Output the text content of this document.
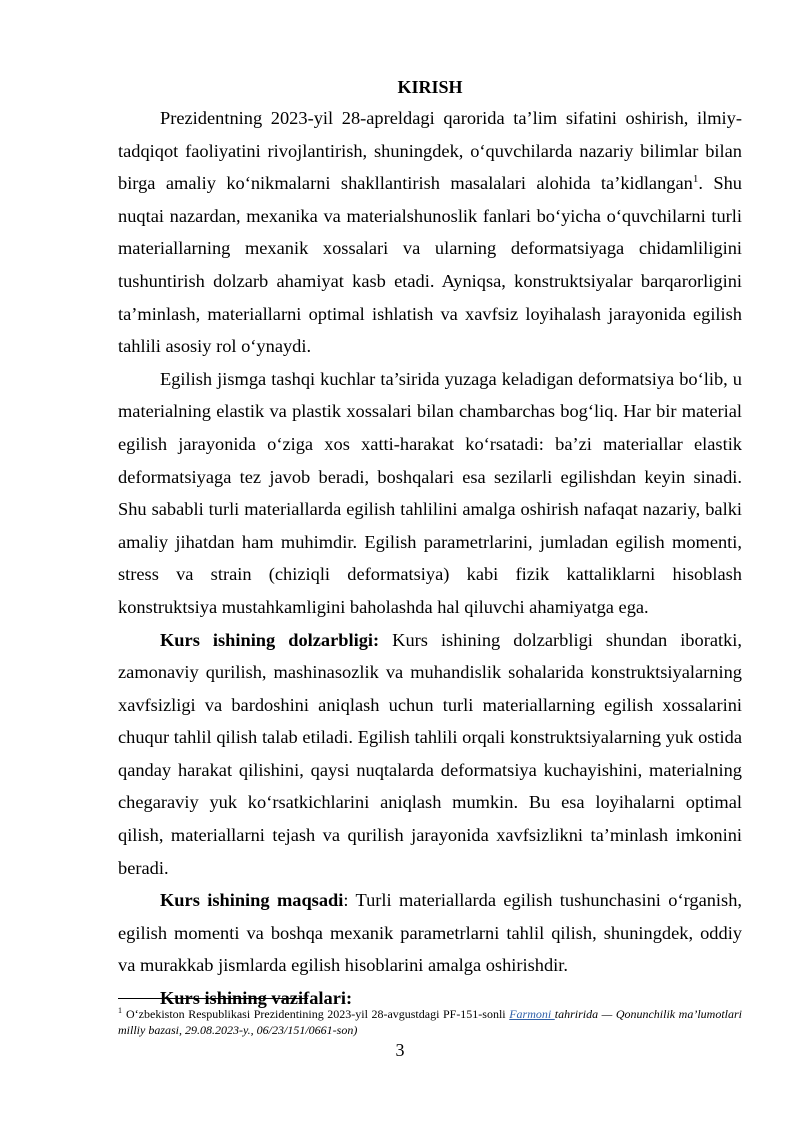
KIRISH

Prezidentning 2023-yil 28-apreldagi qarorida ta’lim sifatini oshirish, ilmiy-tadqiqot faoliyatini rivojlantirish, shuningdek, o‘quvchilarda nazariy bilimlar bilan birga amaliy ko‘nikmalarni shakllantirish masalalari alohida ta’kidlangan$^1$. Shu nuqtai nazardan, mexanika va materialshunoslik fanlari bo‘yicha o‘quvchilarni turli materiallarning mexanik xossalari va ularning deformatsiyaga chidamliligini tushuntirish dolzarb ahamiyat kasb etadi. Ayniqsa, konstruktsiyalar barqarorligini ta’minlash, materiallarni optimal ishlatish va xavfsiz loyihalash jarayonida egilish tahlili asosiy rol o‘ynaydi.

Egilish jismga tashqi kuchlar ta’sirida yuzaga keladigan deformatsiya bo‘lib, u materialning elastik va plastik xossalari bilan chambarchas bog‘liq. Har bir material egilish jarayonida o‘ziga xos xatti-harakat ko‘rsatadi: ba’zi materiallar elastik deformatsiyaga tez javob beradi, boshqalari esa sezilarli egilishdan keyin sinadi. Shu sababli turli materiallarda egilish tahlilini amalga oshirish nafaqat nazariy, balki amaliy jihatdan ham muhimdir. Egilish parametrlarini, jumladan egilish momenti, stress va strain (chiziqli deformatsiya) kabi fizik kattaliklarni hisoblash konstruktsiya mustahkamligini baholashda hal qiluvchi ahamiyatga ega.

Kurs ishining dolzarbligi: Kurs ishining dolzarbligi shundan iboratki, zamonaviy qurilish, mashinasozlik va muhandislik sohalarida konstruktsiyalarning xavfsizligi va bardoshini aniqlash uchun turli materiallarning egilish xossalarini chuqur tahlil qilish talab etiladi. Egilish tahlili orqali konstruktsiyalarning yuk ostida qanday harakat qilishini, qaysi nuqtalarda deformatsiya kuchayishini, materialning chegaraviy yuk ko‘rsatkichlarini aniqlash mumkin. Bu esa loyihalarni optimal qilish, materiallarni tejash va qurilish jarayonida xavfsizlikni ta’minlash imkonini beradi.

Kurs ishining maqsadi: Turli materiallarda egilish tushunchasini o‘rganish, egilish momenti va boshqa mexanik parametrlarni tahlil qilish, shuningdek, oddiy va murakkab jismlarda egilish hisoblarini amalga oshirishdir.

Kurs ishining vazifalari:

$^1$ O‘zbekiston Respublikasi Prezidentining 2023-yil 28-avgustdagi PF-151-sonli Farmoni tahririda — Qonunchilik ma’lumotlari milliy bazasi, 29.08.2023-y., 06/23/151/0661-son)
3
